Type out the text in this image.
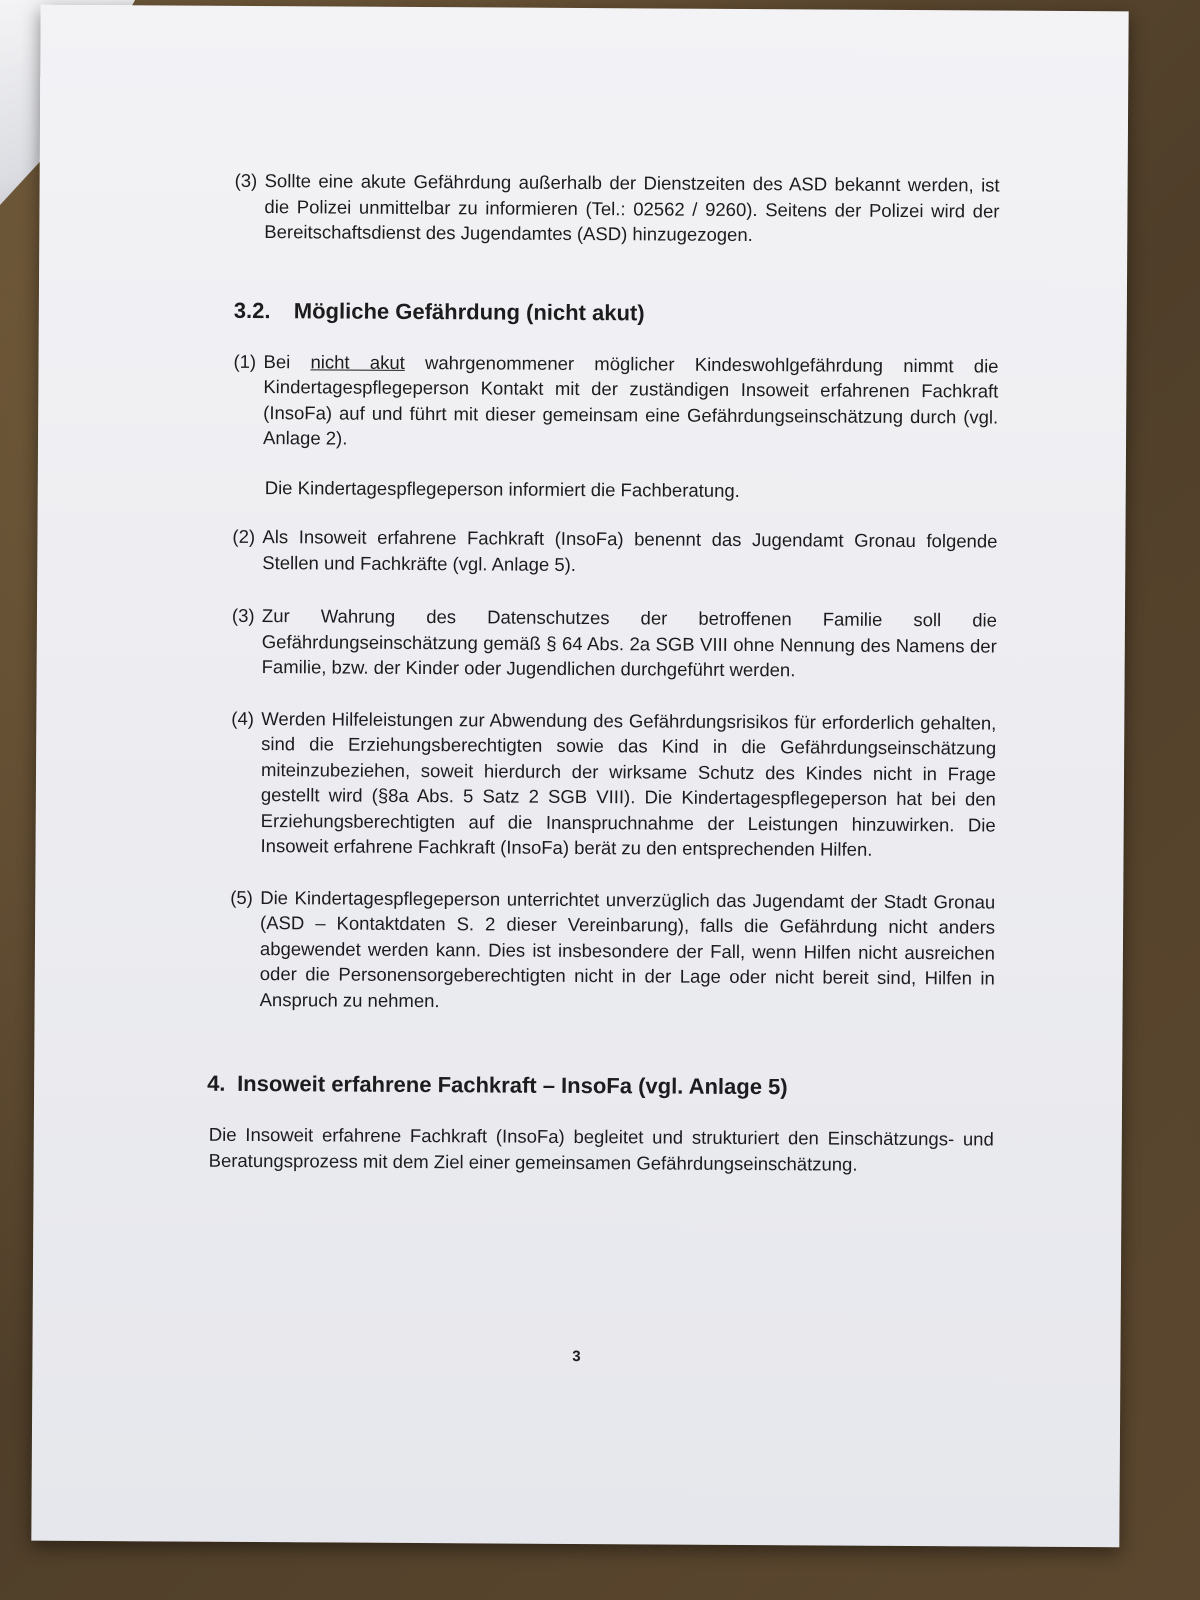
(3) Sollte eine akute Gefährdung außerhalb der Dienstzeiten des ASD bekannt werden, ist die Polizei unmittelbar zu informieren (Tel.: 02562 / 9260). Seitens der Polizei wird der Bereitschaftsdienst des Jugendamtes (ASD) hinzugezogen.
3.2.	Mögliche Gefährdung (nicht akut)
(1) Bei nicht akut wahrgenommener möglicher Kindeswohlgefährdung nimmt die Kindertagespflegeperson Kontakt mit der zuständigen Insoweit erfahrenen Fachkraft (InsoFa) auf und führt mit dieser gemeinsam eine Gefährdungseinschätzung durch (vgl. Anlage 2).

Die Kindertagespflegeperson informiert die Fachberatung.

(2) Als Insoweit erfahrene Fachkraft (InsoFa) benennt das Jugendamt Gronau folgende Stellen und Fachkräfte (vgl. Anlage 5).
(3) Zur Wahrung des Datenschutzes der betroffenen Familie soll die Gefährdungseinschätzung gemäß § 64 Abs. 2a SGB VIII ohne Nennung des Namens der Familie, bzw. der Kinder oder Jugendlichen durchgeführt werden.
(4) Werden Hilfeleistungen zur Abwendung des Gefährdungsrisikos für erforderlich gehalten, sind die Erziehungsberechtigten sowie das Kind in die Gefährdungseinschätzung miteinzubeziehen, soweit hierdurch der wirksame Schutz des Kindes nicht in Frage gestellt wird (§8a Abs. 5 Satz 2 SGB VIII). Die Kindertagespflegeperson hat bei den Erziehungsberechtigten auf die Inanspruchnahme der Leistungen hinzuwirken. Die Insoweit erfahrene Fachkraft (InsoFa) berät zu den entsprechenden Hilfen.
(5) Die Kindertagespflegeperson unterrichtet unverzüglich das Jugendamt der Stadt Gronau (ASD – Kontaktdaten S. 2 dieser Vereinbarung), falls die Gefährdung nicht anders abgewendet werden kann. Dies ist insbesondere der Fall, wenn Hilfen nicht ausreichen oder die Personensorgeberechtigten nicht in der Lage oder nicht bereit sind, Hilfen in Anspruch zu nehmen.
4. Insoweit erfahrene Fachkraft – InsoFa (vgl. Anlage 5)

Die Insoweit erfahrene Fachkraft (InsoFa) begleitet und strukturiert den Einschätzungs- und Beratungsprozess mit dem Ziel einer gemeinsamen Gefährdungseinschätzung.

3
